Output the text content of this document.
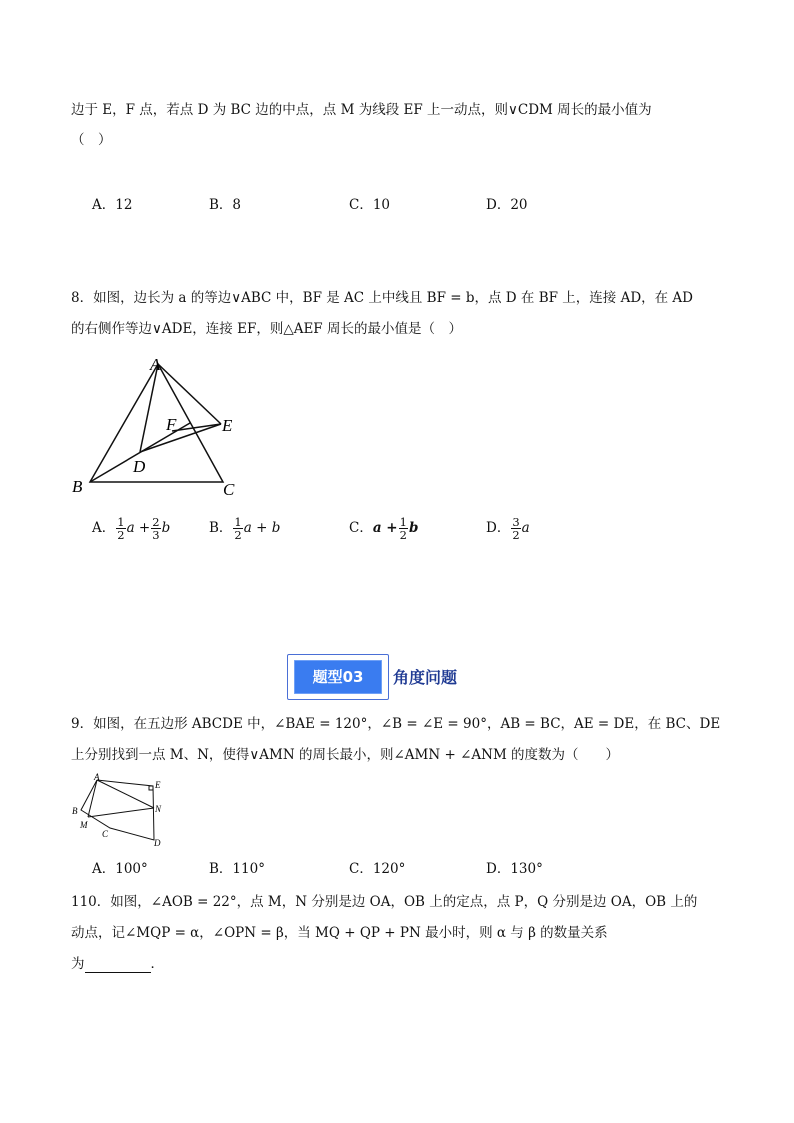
边于 E，F 点，若点 D 为 BC 边的中点，点 M 为线段 EF 上一动点，则∨CDM 周长的最小值为
（　）
A．12	B．8	C．10	D．20
8．如图，边长为 a 的等边∨ABC 中，BF 是 AC 上中线且 BF = b，点 D 在 BF 上，连接 AD，在 AD
的右侧作等边∨ADE，连接 EF，则△AEF 周长的最小值是（　）
A
B	C
D
E
F
A． $\frac{1}{2}$ $a + \frac{2}{3}$ b	B． $\frac{1}{2}$ a + b	C．$a + \frac{1}{2}$ b	D． $\frac{3}{2}$ a
题型03	角度问题
9．如图，在五边形 ABCDE 中，∠BAE = 120°，∠B = ∠E = 90°，AB = BC，AE = DE，在 BC、DE
上分别找到一点 M、N，使得∨AMN 的周长最小，则∠AMN + ∠ANM 的度数为（　　）
A
B
C
D
E
M
N
A．100°	B．110°	C．120°	D．130°
110．如图，∠AOB = 22°，点 M，N 分别是边 OA，OB 上的定点，点 P，Q 分别是边 OA，OB 上的
动点，记∠MQP = α，∠OPN = β，当 MQ + QP + PN 最小时，则 α 与 β 的数量关系
为	．
